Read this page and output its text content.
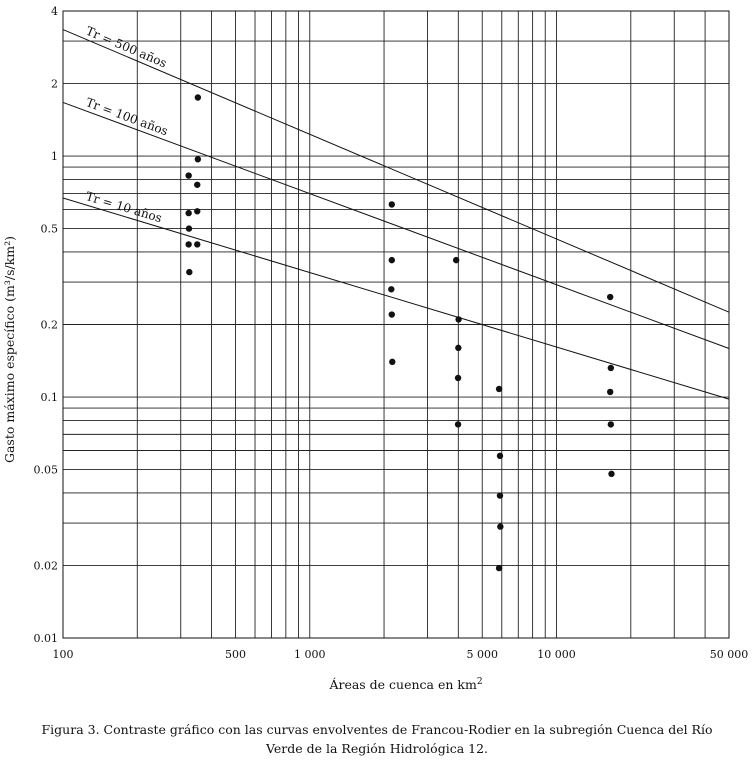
Tr = 500 años
Tr = 100 años
Tr = 10 años
100	500	1 000	5 000	10 000	50 000
4
2
1
0.5
0.2
0.1
0.05
0.02
0.01
Áreas de cuenca en $km^2$
Gasto máximo específico (m³/s/km²)
Figura 3. Contraste gráfico con las curvas envolventes de Francou-Rodier en la subregión Cuenca del Río
Verde de la Región Hidrológica 12.
